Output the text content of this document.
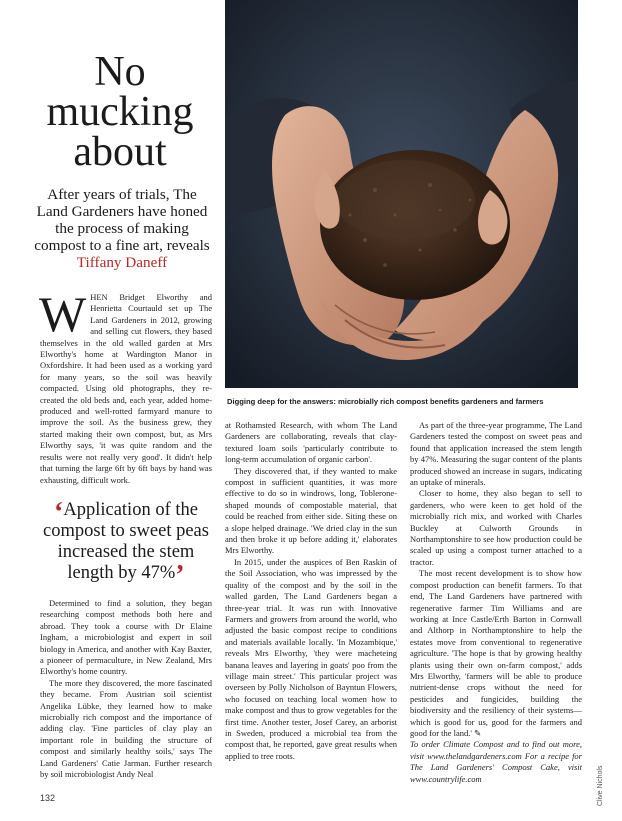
No
mucking
about
After years of trials, The Land Gardeners have honed the process of making compost to a fine art, reveals Tiffany Daneff
Clive Nichols
Digging deep for the answers: microbially rich compost benefits gardeners and farmers

WHEN Bridget Elworthy and Henrietta Courtauld set up The Land Gardeners in 2012, growing and selling cut flowers, they based themselves in the old walled garden at Mrs Elworthy's home at Wardington Manor in Oxfordshire. It had been used as a working yard for many years, so the soil was heavily compacted. Using old photographs, they re-created the old beds and, each year, added home-produced and well-rotted farmyard manure to improve the soil. As the business grew, they started making their own compost, but, as Mrs Elworthy says, 'it was quite random and the results were not really very good'. It didn't help that turning the large 6ft by 6ft bays by hand was exhausting, difficult work.

‘Application of the compost to sweet peas increased the stem length by 47%’

Determined to find a solution, they began researching compost methods both here and abroad. They took a course with Dr Elaine Ingham, a microbiologist and expert in soil biology in America, and another with Kay Baxter, a pioneer of permaculture, in New Zealand, Mrs Elworthy's home country.

The more they discovered, the more fascinated they became. From Austrian soil scientist Angelika Lübke, they learned how to make microbially rich compost and the importance of adding clay. 'Fine particles of clay play an important role in building the structure of compost and similarly healthy soils,' says The Land Gardeners' Catie Jarman. Further research by soil microbiologist Andy Neal

at Rothamsted Research, with whom The Land Gardeners are collaborating, reveals that clay-textured loam soils 'particularly contribute to long-term accumulation of organic carbon'.

They discovered that, if they wanted to make compost in sufficient quantities, it was more effective to do so in windrows, long, Toblerone-shaped mounds of compostable material, that could be reached from either side. Siting these on a slope helped drainage. 'We dried clay in the sun and then broke it up before adding it,' elaborates Mrs Elworthy.

In 2015, under the auspices of Ben Raskin of the Soil Association, who was impressed by the quality of the compost and by the soil in the walled garden, The Land Gardeners began a three-year trial. It was run with Innovative Farmers and growers from around the world, who adjusted the basic compost recipe to conditions and materials available locally. 'In Mozambique,' reveals Mrs Elworthy, 'they were macheteing banana leaves and layering in goats' poo from the village main street.' This particular project was overseen by Polly Nicholson of Bayntun Flowers, who focused on teaching local women how to make compost and thus to grow vegetables for the first time. Another tester, Josef Carey, an arborist in Sweden, produced a microbial tea from the compost that, he reported, gave great results when applied to tree roots.

As part of the three-year programme, The Land Gardeners tested the compost on sweet peas and found that application increased the stem length by 47%. Measuring the sugar content of the plants produced showed an increase in sugars, indicating an uptake of minerals.

Closer to home, they also began to sell to gardeners, who were keen to get hold of the microbially rich mix, and worked with Charles Buckley at Culworth Grounds in Northamptonshire to see how production could be scaled up using a compost turner attached to a tractor.

The most recent development is to show how compost production can benefit farmers. To that end, The Land Gardeners have partnered with regenerative farmer Tim Williams and are working at Ince Castle/Erth Barton in Cornwall and Althorp in Northamptonshire to help the estates move from conventional to regenerative agriculture. 'The hope is that by growing healthy plants using their own on-farm compost,' adds Mrs Elworthy, 'farmers will be able to produce nutrient-dense crops without the need for pesticides and fungicides, building the biodiversity and the resiliency of their systems—which is good for us, good for the farmers and good for the land.' ✎

To order Climate Compost and to find out more, visit www.thelandgardeners.com For a recipe for The Land Gardeners' Compost Cake, visit www.countrylife.com

132
